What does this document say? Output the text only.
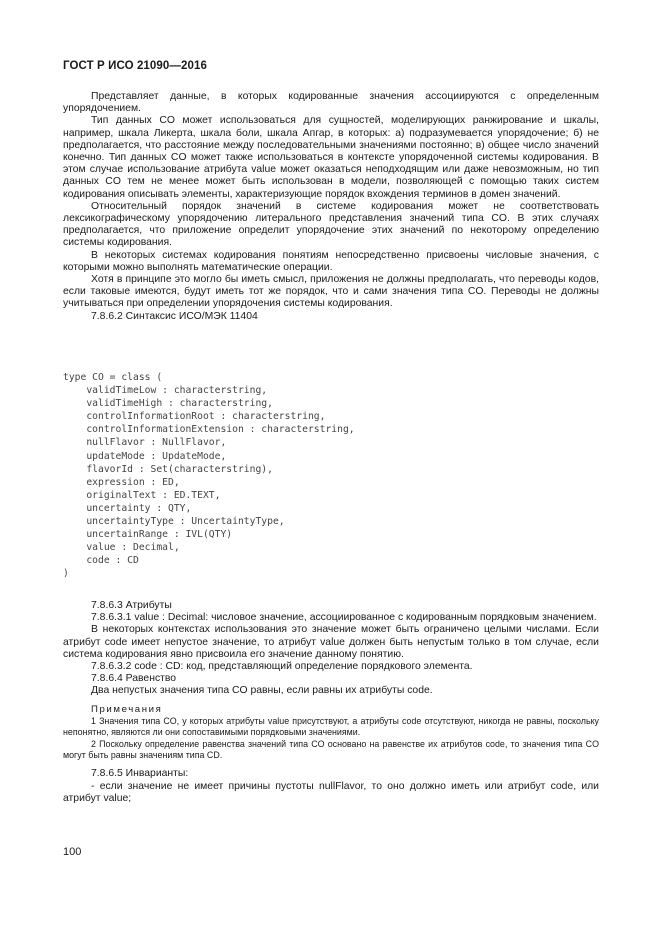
ГОСТ Р ИСО 21090—2016

Представляет данные, в которых кодированные значения ассоциируются с определенным упорядочением.

Тип данных CO может использоваться для сущностей, моделирующих ранжирование и шкалы, например, шкала Ликерта, шкала боли, шкала Апгар, в которых: а) подразумевается упорядочение; б) не предполагается, что расстояние между последовательными значениями постоянно; в) общее число значений конечно. Тип данных CO может также использоваться в контексте упорядоченной системы кодирования. В этом случае использование атрибута value может оказаться неподходящим или даже невозможным, но тип данных CO тем не менее может быть использован в модели, позволяющей с помощью таких систем кодирования описывать элементы, характеризующие порядок вхождения терминов в домен значений.

Относительный порядок значений в системе кодирования может не соответствовать лексикографическому упорядочению литерального представления значений типа CO. В этих случаях предполагается, что приложение определит упорядочение этих значений по некоторому определению системы кодирования.

В некоторых системах кодирования понятиям непосредственно присвоены числовые значения, с которыми можно выполнять математические операции.

Хотя в принципе это могло бы иметь смысл, приложения не должны предполагать, что переводы кодов, если таковые имеются, будут иметь тот же порядок, что и сами значения типа CO. Переводы не должны учитываться при определении упорядочения системы кодирования.

7.8.6.2 Синтаксис ИСО/МЭК 11404

type CO = class (
validTimeLow : characterstring,
validTimeHigh : characterstring,
controlInformationRoot : characterstring,
controlInformationExtension : characterstring,
nullFlavor : NullFlavor,
updateMode : UpdateMode,
flavorId : Set(characterstring),
expression : ED,
originalText : ED.TEXT,
uncertainty : QTY,
uncertaintyType : UncertaintyType,
uncertainRange : IVL(QTY)
value : Decimal,
code : CD
)

7.8.6.3 Атрибуты

7.8.6.3.1 value : Decimal: числовое значение, ассоциированное с кодированным порядковым значением.

В некоторых контекстах использования это значение может быть ограничено целыми числами. Если атрибут code имеет непустое значение, то атрибут value должен быть непустым только в том случае, если система кодирования явно присвоила его значение данному понятию.

7.8.6.3.2 code : CD: код, представляющий определение порядкового элемента.

7.8.6.4 Равенство

Два непустых значения типа CO равны, если равны их атрибуты code.

Примечания

1 Значения типа CO, у которых атрибуты value присутствуют, а атрибуты code отсутствуют, никогда не равны, поскольку непонятно, являются ли они сопоставимыми порядковыми значениями.

2 Поскольку определение равенства значений типа CO основано на равенстве их атрибутов code, то значения типа CO могут быть равны значениям типа CD.

7.8.6.5 Инварианты:

- если значение не имеет причины пустоты nullFlavor, то оно должно иметь или атрибут code, или атрибут value;

100
